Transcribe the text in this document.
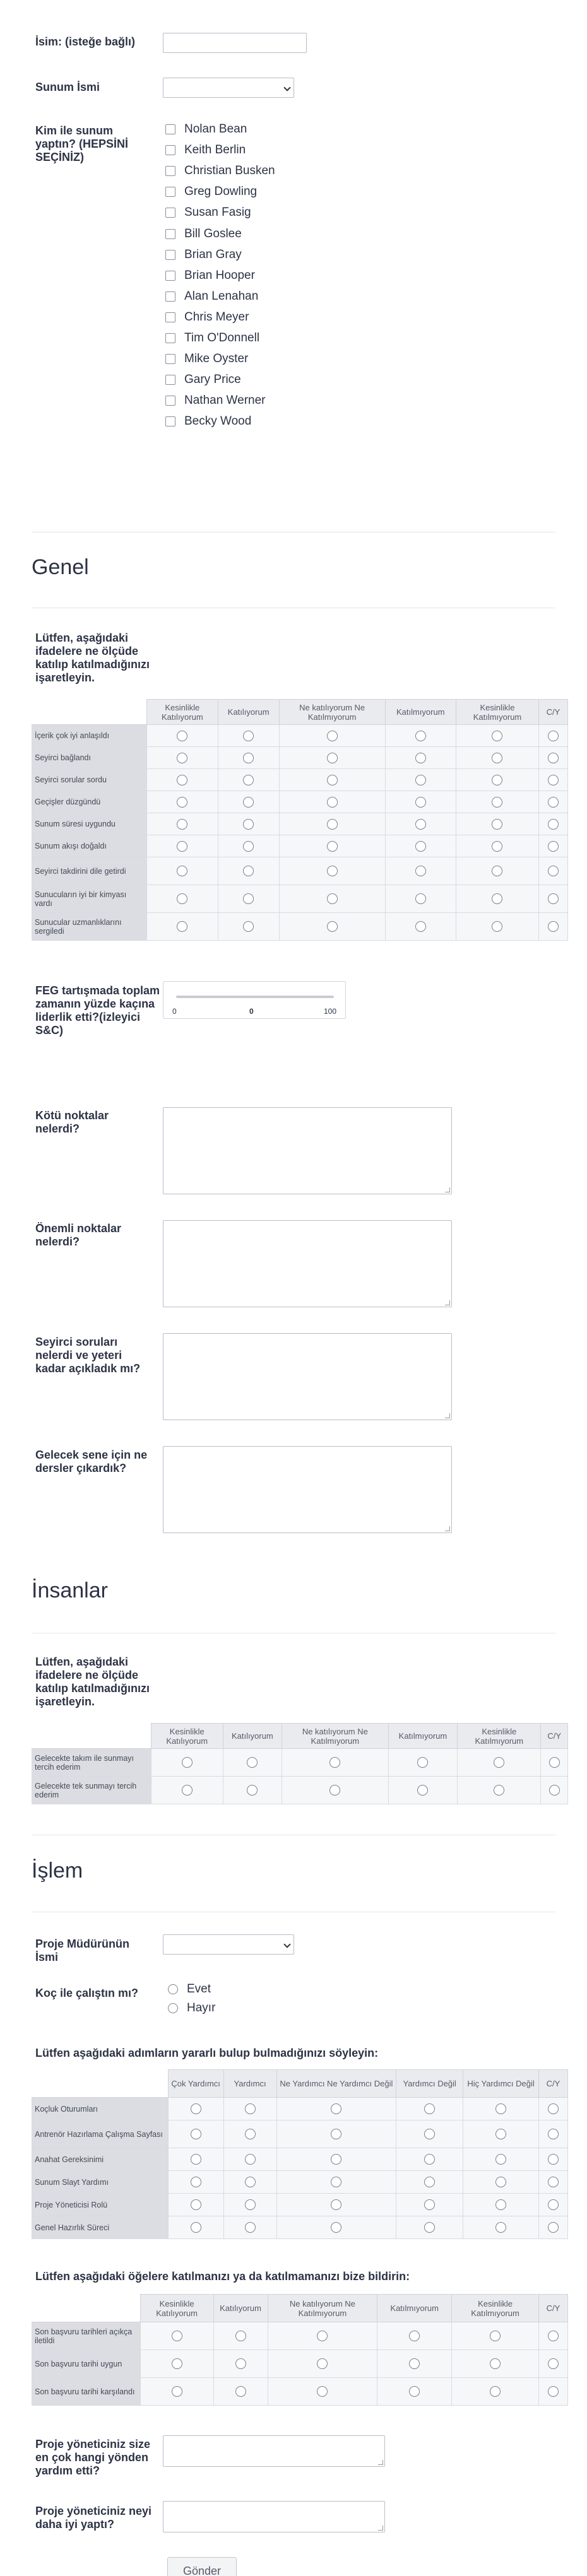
İsim: (isteğe bağlı)
Sunum İsmi
Kim ile sunum yaptın? (HEPSİNİ SEÇİNİZ)
Nolan Bean
Keith Berlin
Christian Busken
Greg Dowling
Susan Fasig
Bill Goslee
Brian Gray
Brian Hooper
Alan Lenahan
Chris Meyer
Tim O'Donnell
Mike Oyster
Gary Price
Nathan Werner
Becky Wood
Genel
Lütfen, aşağıdaki ifadelere ne ölçüde katılıp katılmadığınızı işaretleyin.
	Kesinlikle Katılıyorum	Katılıyorum	Ne katılıyorum Ne Katılmıyorum	Katılmıyorum	Kesinlikle Katılmıyorum	C/Y
İçerik çok iyi anlaşıldı						
Seyirci bağlandı						
Seyirci sorular sordu						
Geçişler düzgündü						
Sunum süresi uygundu						
Sunum akışı doğaldı						
Seyirci takdirini dile getirdi						
Sunucuların iyi bir kimyası vardı						
Sunucular uzmanlıklarını sergiledi						
FEG tartışmada toplam zamanın yüzde kaçına liderlik etti?(izleyici S&C)
0	0	100
Kötü noktalar nelerdi?
Önemli noktalar nelerdi?
Seyirci soruları nelerdi ve yeteri kadar açıkladık mı?
Gelecek sene için ne dersler çıkardık?
İnsanlar
Lütfen, aşağıdaki ifadelere ne ölçüde katılıp katılmadığınızı işaretleyin.
	Kesinlikle Katılıyorum	Katılıyorum	Ne katılıyorum Ne Katılmıyorum	Katılmıyorum	Kesinlikle Katılmıyorum	C/Y
Gelecekte takım ile sunmayı tercih ederim						
Gelecekte tek sunmayı tercih ederim						
İşlem
Proje Müdürünün İsmi
Koç ile çalıştın mı?	Evet
Hayır
Lütfen aşağıdaki adımların yararlı bulup bulmadığınızı söyleyin:
	Çok Yardımcı	Yardımcı	Ne Yardımcı Ne Yardımcı Değil	Yardımcı Değil	Hiç Yardımcı Değil	C/Y
Koçluk Oturumları						
Antrenör Hazırlama Çalışma Sayfası						
Anahat Gereksinimi						
Sunum Slayt Yardımı						
Proje Yöneticisi Rolü						
Genel Hazırlık Süreci						
Lütfen aşağıdaki öğelere katılmanızı ya da katılmamanızı bize bildirin:
	Kesinlikle Katılıyorum	Katılıyorum	Ne katılıyorum Ne Katılmıyorum	Katılmıyorum	Kesinlikle Katılmıyorum	C/Y
Son başvuru tarihleri açıkça iletildi						
Son başvuru tarihi uygun						
Son başvuru tarihi karşılandı						
Proje yöneticiniz size en çok hangi yönden yardım etti?
Proje yöneticiniz neyi daha iyi yaptı?
Gönder
